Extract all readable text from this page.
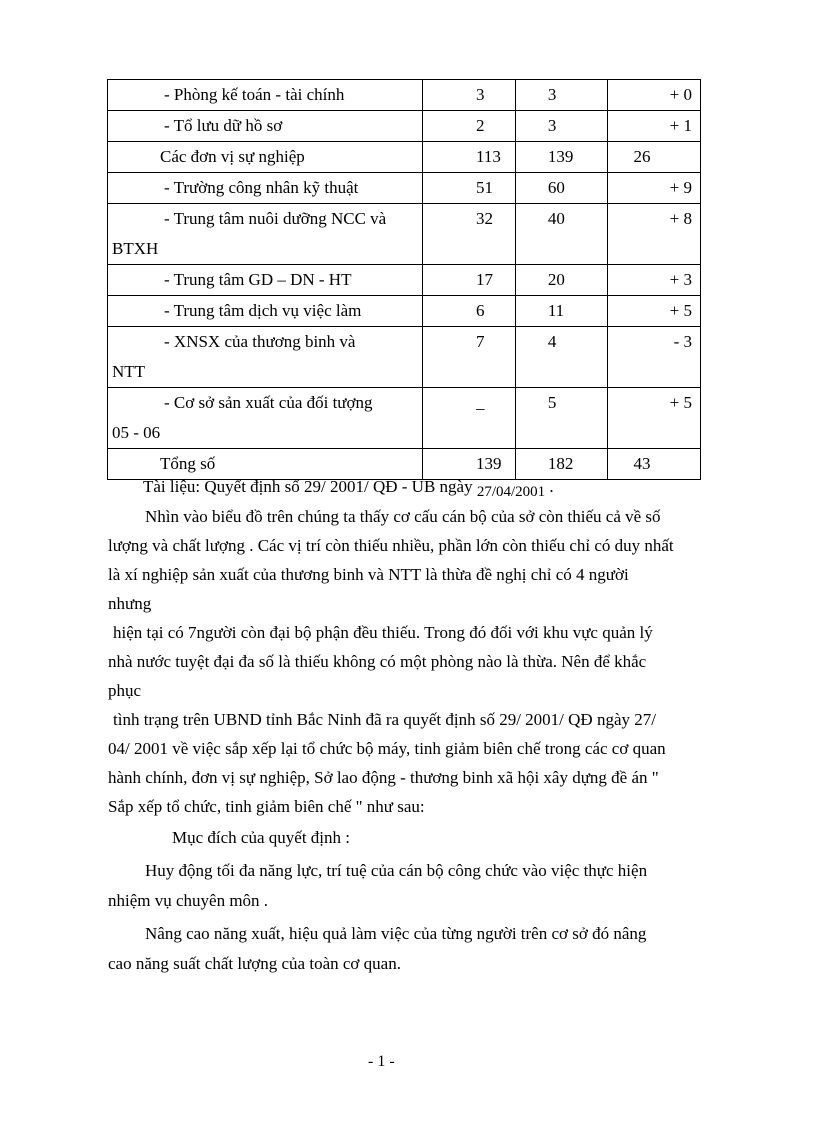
- Phòng kế toán - tài chính	3	3	+ 0

- Tổ lưu dữ hồ sơ	2	3	+ 1

Các đơn vị sự nghiệp	113	139	26

- Trường công nhân kỹ thuật	51	60	+ 9

- Trung tâm nuôi dưỡng NCC và
BTXH	32	40	+ 8

- Trung tâm GD – DN - HT	17	20	+ 3

- Trung tâm dịch vụ việc làm	6	11	+ 5

- XNSX của thương binh và
NTT	7	4	- 3

- Cơ sở sản xuất của đối tượng
05 - 06	_	5	+ 5

Tổng số	139	182	43

Tài liệu: Quyết định số 29/ 2001/ QĐ - UB ngày 27/04/2001 .

Nhìn vào biểu đồ trên chúng ta thấy cơ cấu cán bộ của sở còn thiếu cả về số

lượng và chất lượng . Các vị trí còn thiếu nhiều, phần lớn còn thiếu chỉ có duy nhất

là xí nghiệp sản xuất của thương binh và NTT là thừa đề nghị chỉ có 4 người

nhưng

hiện tại có 7người còn đại bộ phận đều thiếu. Trong đó đối với khu vực quản lý

nhà nước tuyệt đại đa số là thiếu không có một phòng nào là thừa. Nên để khắc

phục

tình trạng trên UBND tỉnh Bắc Ninh đã ra quyết định số 29/ 2001/ QĐ ngày 27/

04/ 2001 về việc sắp xếp lại tổ chức bộ máy, tinh giảm biên chế trong các cơ quan

hành chính, đơn vị sự nghiệp, Sở lao động - thương binh xã hội xây dựng đề án "

Sắp xếp tổ chức, tinh giảm biên chế " như sau:

Mục đích của quyết định :

Huy động tối đa năng lực, trí tuệ của cán bộ công chức vào việc thực hiện

nhiệm vụ chuyên môn .

Nâng cao năng xuất, hiệu quả làm việc của từng người trên cơ sở đó nâng

cao năng suất chất lượng của toàn cơ quan.

- 1 -
